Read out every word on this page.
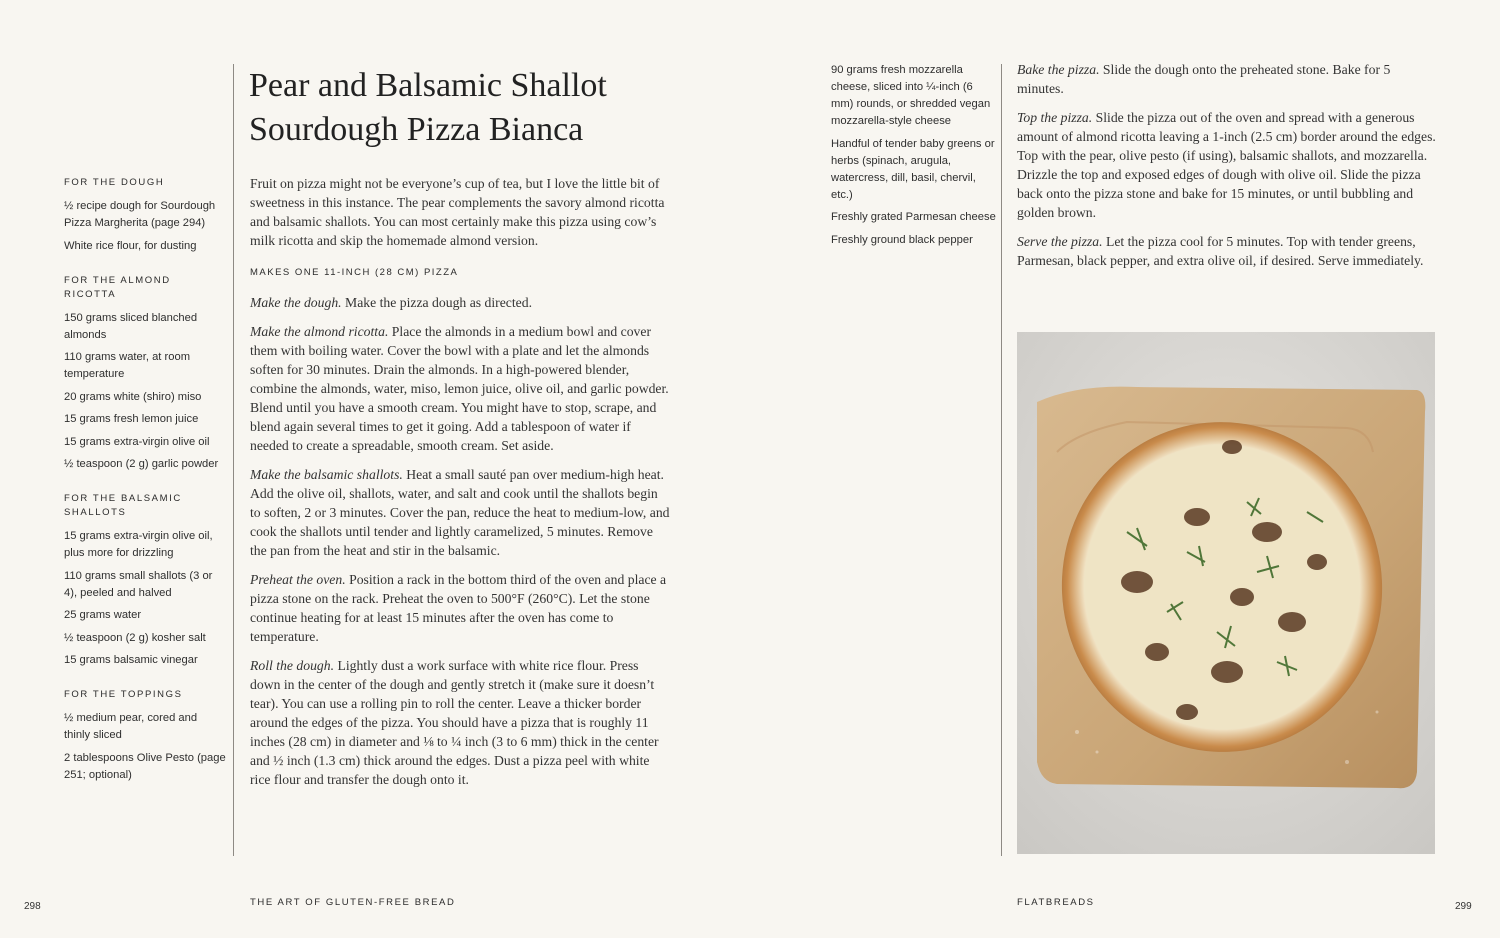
FOR THE DOUGH
½ recipe dough for Sourdough Pizza Margherita (page 294)
White rice flour, for dusting
FOR THE ALMOND RICOTTA
150 grams sliced blanched almonds
110 grams water, at room temperature
20 grams white (shiro) miso
15 grams fresh lemon juice
15 grams extra-virgin olive oil
½ teaspoon (2 g) garlic powder
FOR THE BALSAMIC SHALLOTS
15 grams extra-virgin olive oil, plus more for drizzling
110 grams small shallots (3 or 4), peeled and halved
25 grams water
½ teaspoon (2 g) kosher salt
15 grams balsamic vinegar
FOR THE TOPPINGS
½ medium pear, cored and thinly sliced
2 tablespoons Olive Pesto (page 251; optional)
Pear and Balsamic Shallot
Sourdough Pizza Bianca

Fruit on pizza might not be everyone’s cup of tea, but I love the little bit of sweetness in this instance. The pear complements the savory almond ricotta and balsamic shallots. You can most certainly make this pizza using cow’s milk ricotta and skip the homemade almond version.

MAKES ONE 11-INCH (28 CM) PIZZA

Make the dough. Make the pizza dough as directed.

Make the almond ricotta. Place the almonds in a medium bowl and cover them with boiling water. Cover the bowl with a plate and let the almonds soften for 30 minutes. Drain the almonds. In a high-powered blender, combine the almonds, water, miso, lemon juice, olive oil, and garlic powder. Blend until you have a smooth cream. You might have to stop, scrape, and blend again several times to get it going. Add a tablespoon of water if needed to create a spreadable, smooth cream. Set aside.

Make the balsamic shallots. Heat a small sauté pan over medium-high heat. Add the olive oil, shallots, water, and salt and cook until the shallots begin to soften, 2 or 3 minutes. Cover the pan, reduce the heat to medium-low, and cook the shallots until tender and lightly caramelized, 5 minutes. Remove the pan from the heat and stir in the balsamic.

Preheat the oven. Position a rack in the bottom third of the oven and place a pizza stone on the rack. Preheat the oven to 500°F (260°C). Let the stone continue heating for at least 15 minutes after the oven has come to temperature.

Roll the dough. Lightly dust a work surface with white rice flour. Press down in the center of the dough and gently stretch it (make sure it doesn’t tear). You can use a rolling pin to roll the center. Leave a thicker border around the edges of the pizza. You should have a pizza that is roughly 11 inches (28 cm) in diameter and ⅛ to ¼ inch (3 to 6 mm) thick in the center and ½ inch (1.3 cm) thick around the edges. Dust a pizza peel with white rice flour and transfer the dough onto it.

90 grams fresh mozzarella cheese, sliced into ¼-inch (6 mm) rounds, or shredded vegan mozzarella-style cheese
Handful of tender baby greens or herbs (spinach, arugula, watercress, dill, basil, chervil, etc.)
Freshly grated Parmesan cheese
Freshly ground black pepper

Bake the pizza. Slide the dough onto the preheated stone. Bake for 5 minutes.

Top the pizza. Slide the pizza out of the oven and spread with a generous amount of almond ricotta leaving a 1-inch (2.5 cm) border around the edges. Top with the pear, olive pesto (if using), balsamic shallots, and mozzarella. Drizzle the top and exposed edges of dough with olive oil. Slide the pizza back onto the pizza stone and bake for 15 minutes, or until bubbling and golden brown.

Serve the pizza. Let the pizza cool for 5 minutes. Top with tender greens, Parmesan, black pepper, and extra olive oil, if desired. Serve immediately.

298	THE ART OF GLUTEN-FREE BREAD	FLATBREADS	299
